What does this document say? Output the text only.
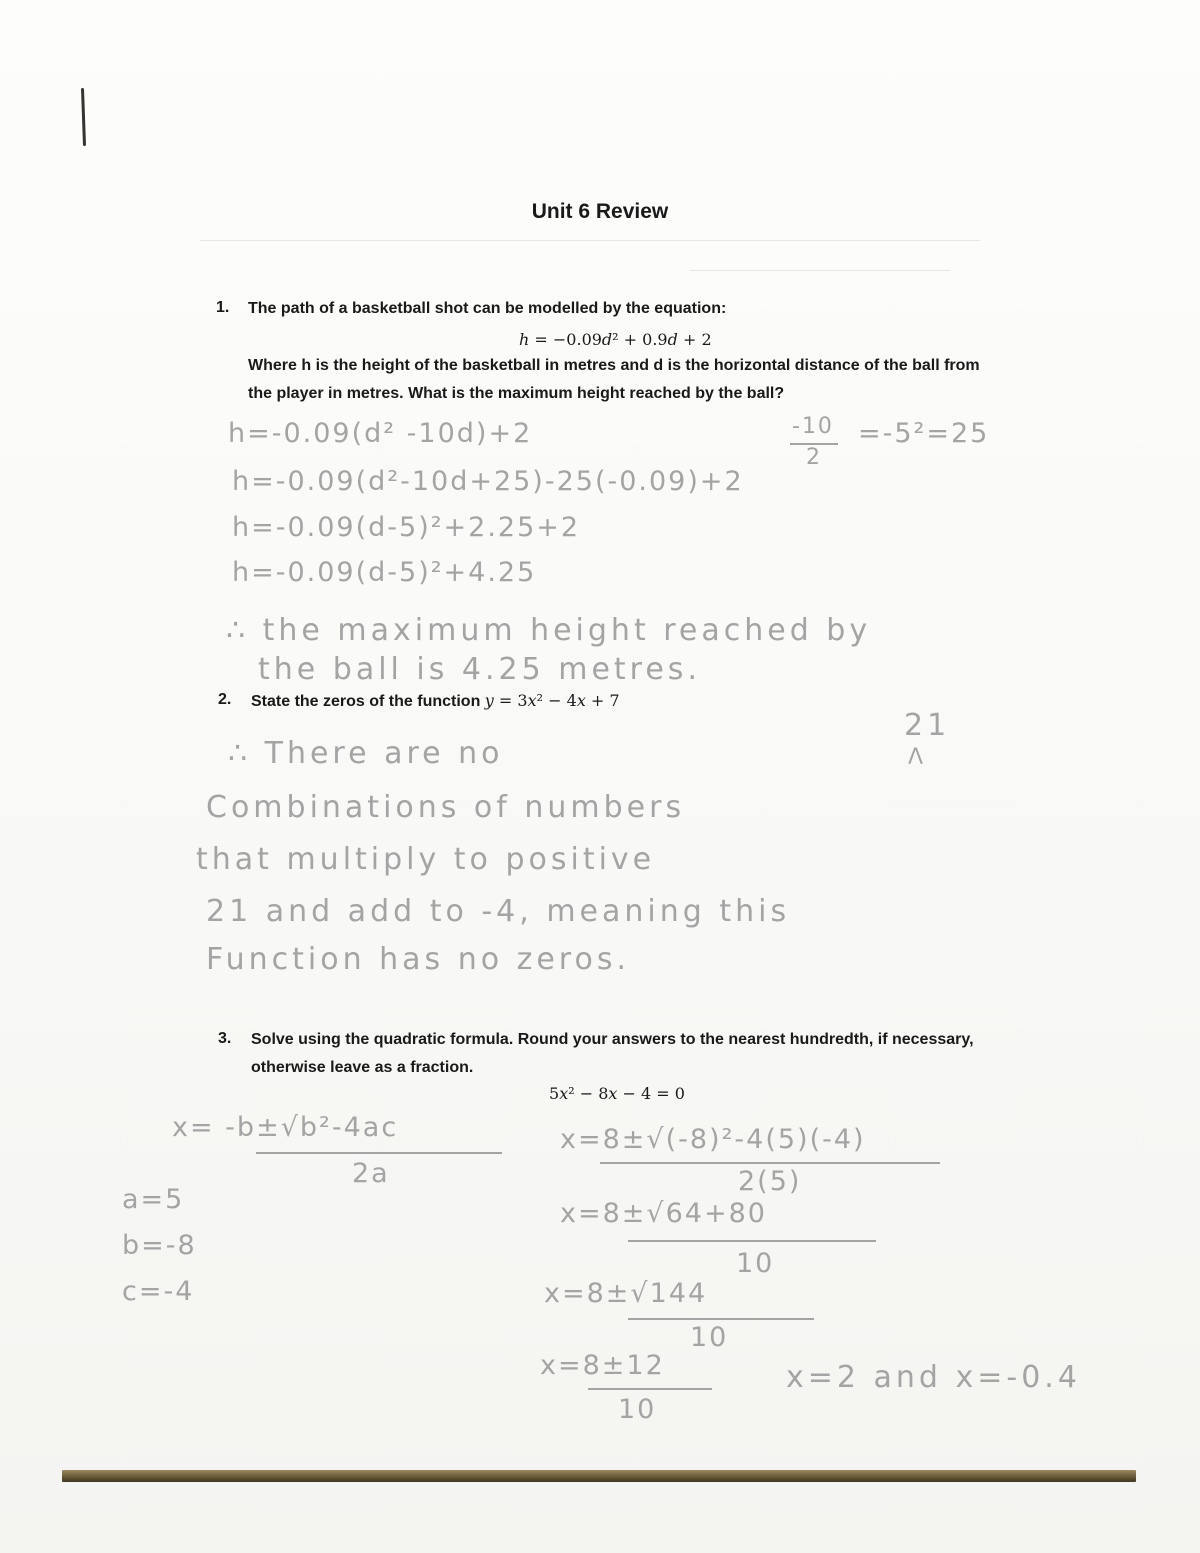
Unit 6 Review
1. The path of a basketball shot can be modelled by the equation:
h = −0.09d² + 0.9d + 2
Where h is the height of the basketball in metres and d is the horizontal distance of the ball from the player in metres. What is the maximum height reached by the ball?
h=-0.09(d² -10d)+2	-10
2
=-5²=25
h=-0.09(d²-10d+25)-25(-0.09)+2
h=-0.09(d-5)²+2.25+2
h=-0.09(d-5)²+4.25
∴ the maximum height reached by
the ball is 4.25 metres.
2. State the zeros of the function y = 3x² − 4x + 7
21
Λ
∴ There are no
Combinations of numbers
that multiply to positive
21 and add to -4, meaning this
Function has no zeros.
3. Solve using the quadratic formula. Round your answers to the nearest hundredth, if necessary, otherwise leave as a fraction.
5x² − 8x − 4 = 0
x= -b±√b²-4ac
2a
a=5
b=-8
c=-4
x=8±√(-8)²-4(5)(-4)
2(5)
x=8±√64+80
10
x=8±√144
10
x=8±12
10
x=2 and x=-0.4
